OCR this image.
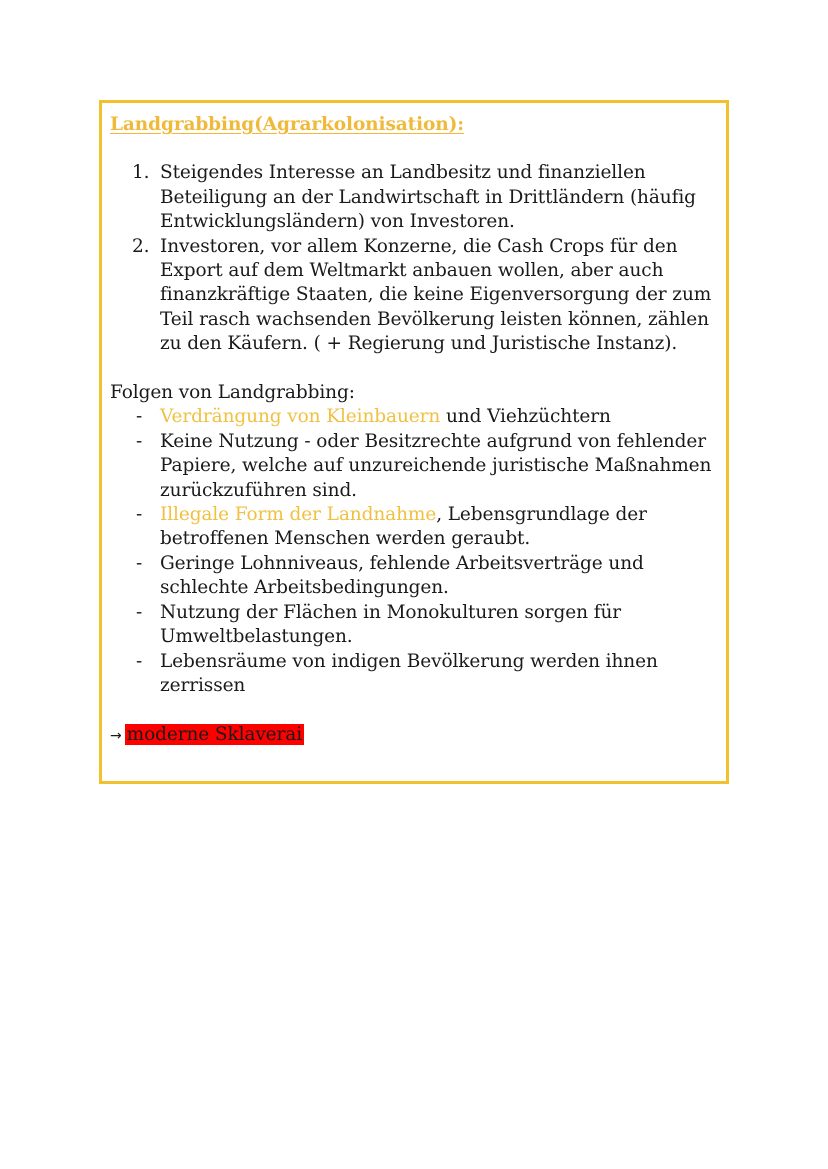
Landgrabbing(Agrarkolonisation):
1. Steigendes Interesse an Landbesitz und finanziellen Beteiligung an der Landwirtschaft in Drittländern (häufig Entwicklungsländern) von Investoren.
2. Investoren, vor allem Konzerne, die Cash Crops für den Export auf dem Weltmarkt anbauen wollen, aber auch finanzkräftige Staaten, die keine Eigenversorgung der zum Teil rasch wachsenden Bevölkerung leisten können, zählen zu den Käufern. ( + Regierung und Juristische Instanz).
Folgen von Landgrabbing:
- Verdrängung von Kleinbauern und Viehzüchtern
- Keine Nutzung - oder Besitzrechte aufgrund von fehlender Papiere, welche auf unzureichende juristische Maßnahmen zurückzuführen sind.
- Illegale Form der Landnahme, Lebensgrundlage der betroffenen Menschen werden geraubt.
- Geringe Lohnniveaus, fehlende Arbeitsverträge und schlechte Arbeitsbedingungen.
- Nutzung der Flächen in Monokulturen sorgen für Umweltbelastungen.
- Lebensräume von indigen Bevölkerung werden ihnen zerrissen
→ moderne Sklaverai
